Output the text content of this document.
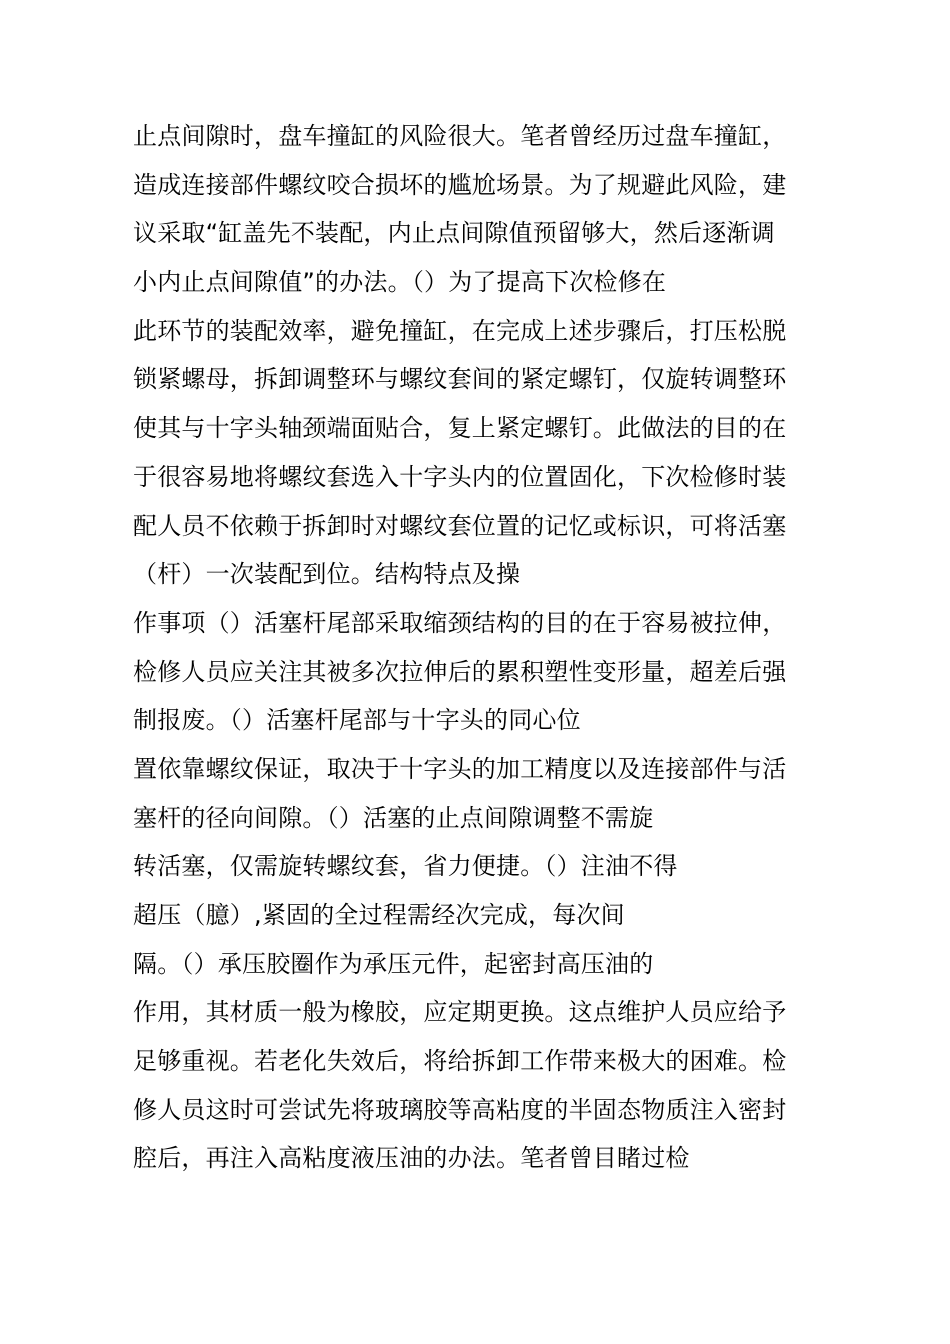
止点间隙时，盘车撞缸的风险很大。笔者曾经历过盘车撞缸，
造成连接部件螺纹咬合损坏的尴尬场景。为了规避此风险，建
议采取“缸盖先不装配，内止点间隙值预留够大，然后逐渐调
小内止点间隙值”的办法。（）为了提高下次检修在
此环节的装配效率，避免撞缸，在完成上述步骤后，打压松脱
锁紧螺母，拆卸调整环与螺纹套间的紧定螺钉，仅旋转调整环
使其与十字头轴颈端面贴合，复上紧定螺钉。此做法的目的在
于很容易地将螺纹套选入十字头内的位置固化，下次检修时装
配人员不依赖于拆卸时对螺纹套位置的记忆或标识，可将活塞
（杆）一次装配到位。结构特点及操
作事项（）活塞杆尾部采取缩颈结构的目的在于容易被拉伸，
检修人员应关注其被多次拉伸后的累积塑性变形量，超差后强
制报废。（）活塞杆尾部与十字头的同心位
置依靠螺纹保证，取决于十字头的加工精度以及连接部件与活
塞杆的径向间隙。（）活塞的止点间隙调整不需旋
转活塞，仅需旋转螺纹套，省力便捷。（）注油不得
超压（臆）,紧固的全过程需经次完成，每次间
隔。（）承压胶圈作为承压元件，起密封高压油的
作用，其材质一般为橡胶，应定期更换。这点维护人员应给予
足够重视。若老化失效后，将给拆卸工作带来极大的困难。检
修人员这时可尝试先将玻璃胶等高粘度的半固态物质注入密封
腔后，再注入高粘度液压油的办法。笔者曾目睹过检
